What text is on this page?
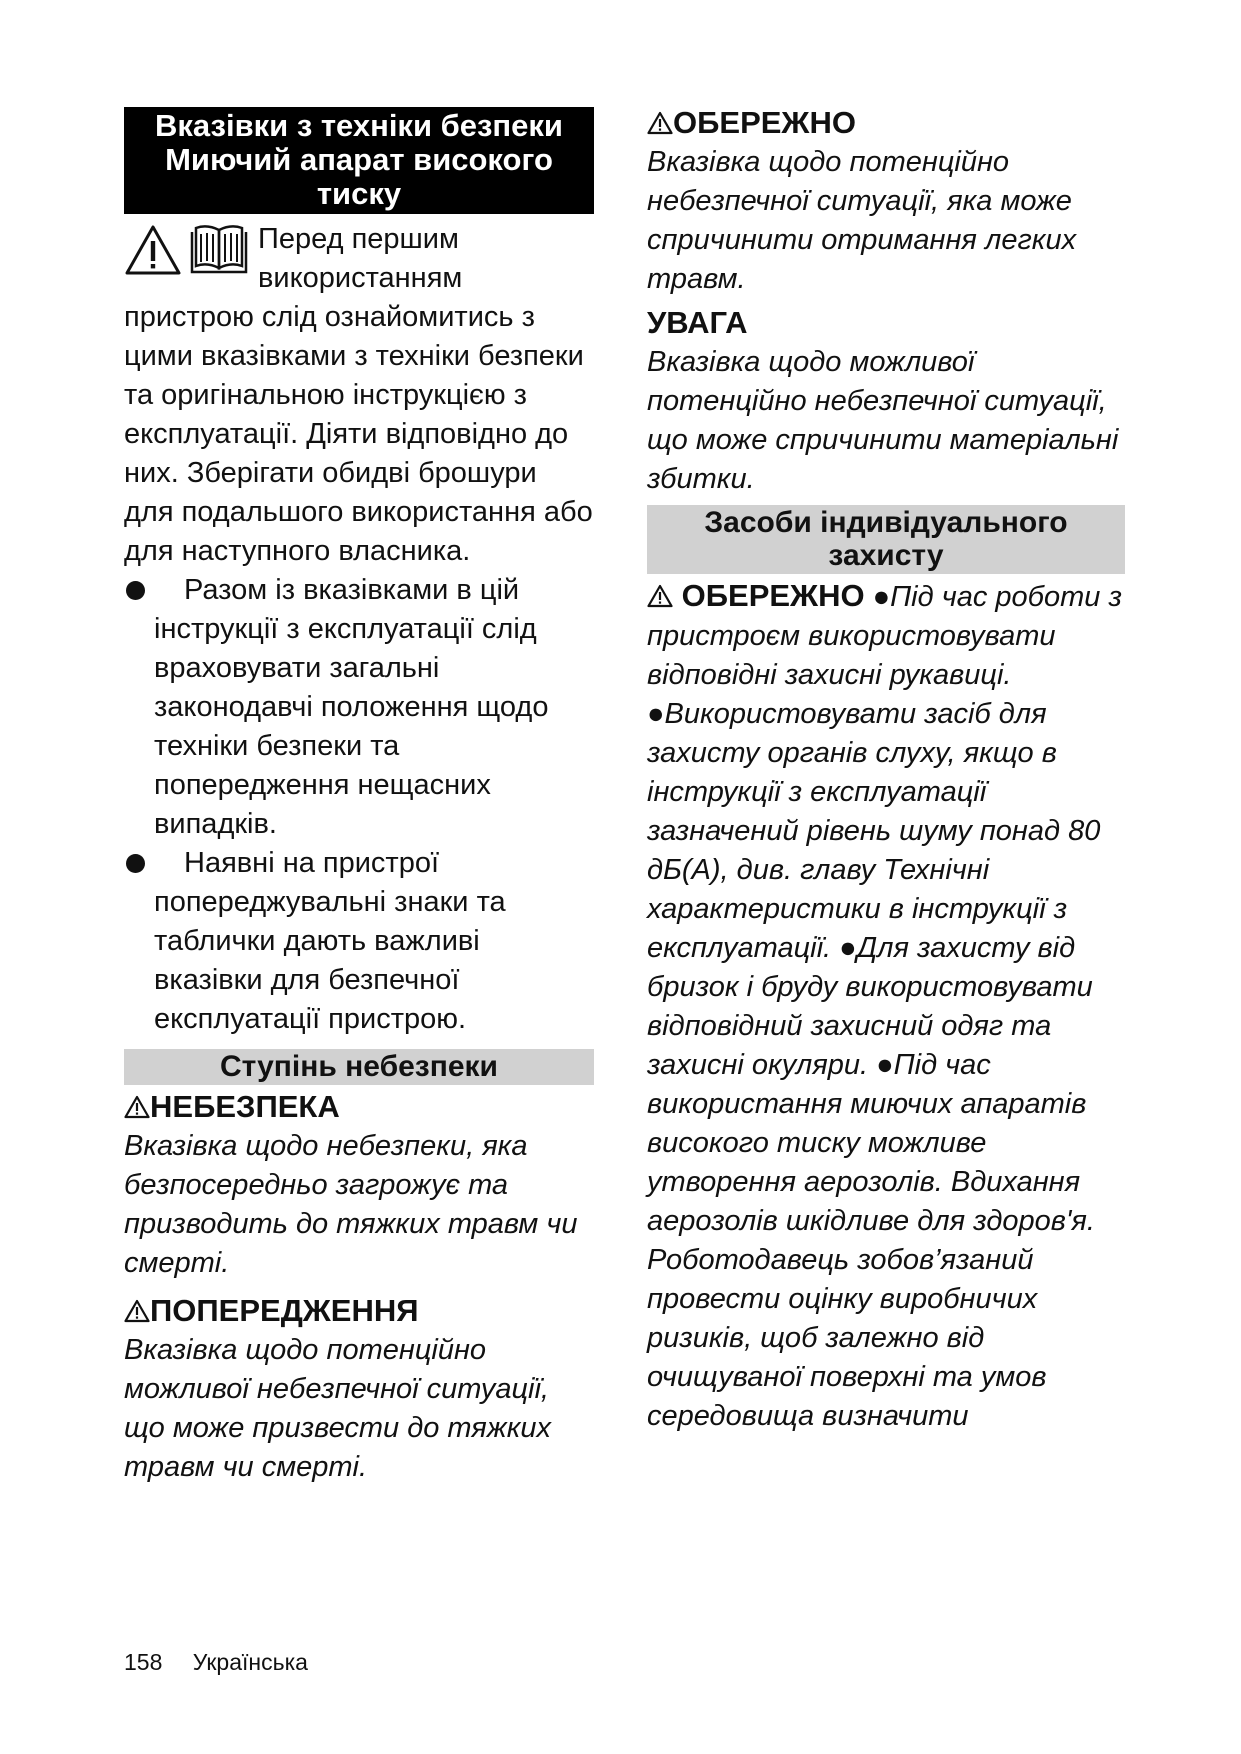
Вказівки з техніки безпеки Миючий апарат високого тиску

Перед першим використанням пристрою слід ознайомитись з цими вказівками з техніки безпеки та оригінальною інструкцією з експлуатації. Діяти відповідно до них. Зберігати обидві брошури для подальшого використання або для наступного власника.

Разом із вказівками в цій інструкції з експлуатації слід враховувати загальні законодавчі положення щодо техніки безпеки та попередження нещасних випадків.
Наявні на пристрої попереджувальні знаки та таблички дають важливі вказівки для безпечної експлуатації пристрою.
Ступінь небезпеки

НЕБЕЗПЕКА

Вказівка щодо небезпеки, яка безпосередньо загрожує та призводить до тяжких травм чи смерті.

ПОПЕРЕДЖЕННЯ

Вказівка щодо потенційно можливої небезпечної ситуації, що може призвести до тяжких травм чи смерті.

ОБЕРЕЖНО

Вказівка щодо потенційно небезпечної ситуації, яка може спричинити отримання легких травм.

УВАГА

Вказівка щодо можливої потенційно небезпечної ситуації, що може спричинити матеріальні збитки.

Засоби індивідуального захисту

ОБЕРЕЖНО ●Під час роботи з пристроєм використовувати відповідні захисні рукавиці. ●Використовувати засіб для захисту органів слуху, якщо в інструкції з експлуатації зазначений рівень шуму понад 80 дБ(А), див. главу Технічні характеристики в інструкції з експлуатації. ●Для захисту від бризок і бруду використовувати відповідний захисний одяг та захисні окуляри. ●Під час використання миючих апаратів високого тиску можливе утворення аерозолів. Вдихання аерозолів шкідливе для здоров'я. Роботодавець зобов’язаний провести оцінку виробничих ризиків, щоб залежно від очищуваної поверхні та умов середовища визначити

158 Українська
